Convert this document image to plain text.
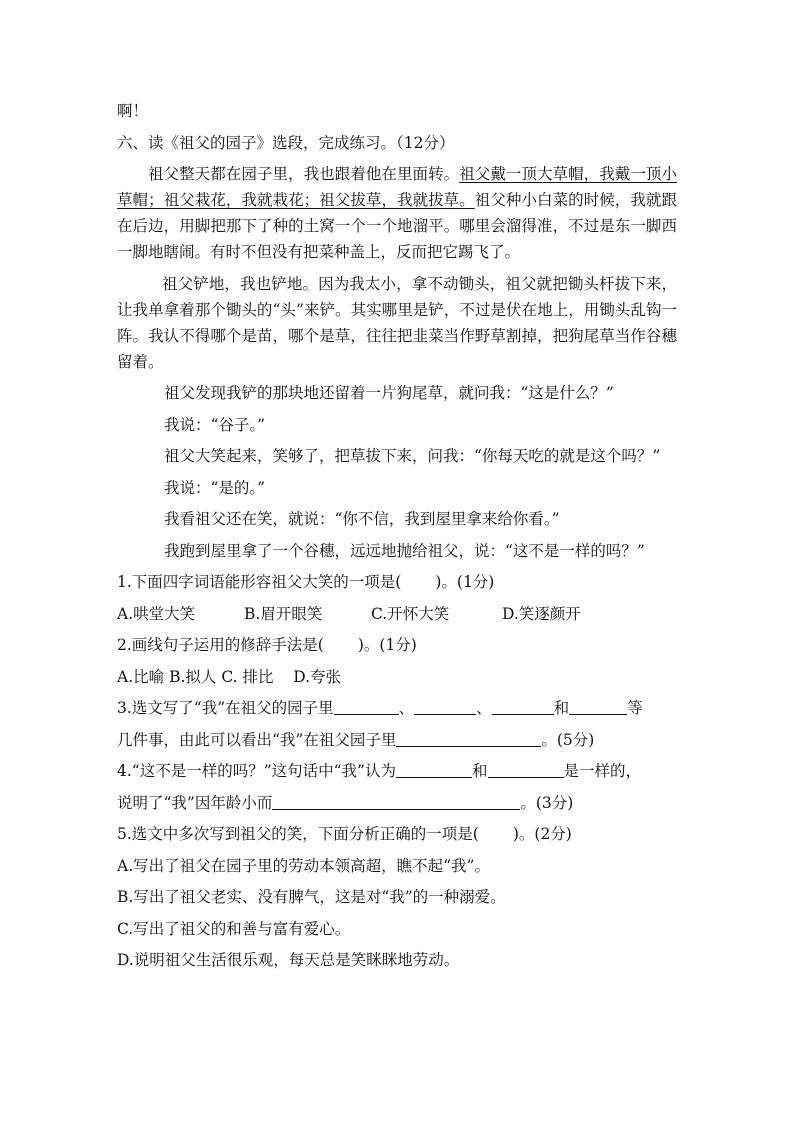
啊！
六、读《祖父的园子》选段，完成练习。（12分）
祖父整天都在园子里，我也跟着他在里面转。祖父戴一顶大草帽，我戴一顶小草帽；祖父栽花，我就栽花；祖父拔草，我就拔草。祖父种小白菜的时候，我就跟在后边，用脚把那下了种的土窝一个一个地溜平。哪里会溜得准，不过是东一脚西一脚地瞎闹。有时不但没有把菜种盖上，反而把它踢飞了。
祖父铲地，我也铲地。因为我太小，拿不动锄头，祖父就把锄头杆拔下来，让我单拿着那个锄头的“头”来铲。其实哪里是铲，不过是伏在地上，用锄头乱钩一阵。我认不得哪个是苗，哪个是草，往往把韭菜当作野草割掉，把狗尾草当作谷穗留着。
祖父发现我铲的那块地还留着一片狗尾草，就问我：“这是什么？”
我说：“谷子。”
祖父大笑起来，笑够了，把草拔下来，问我：“你每天吃的就是这个吗？”
我说：“是的。”
我看祖父还在笑，就说：“你不信，我到屋里拿来给你看。”
我跑到屋里拿了一个谷穗，远远地抛给祖父，说：“这不是一样的吗？”
1.下面四字词语能形容祖父大笑的一项是( )。(1分)
A.哄堂大笑	B.眉开眼笑	C.开怀大笑	D.笑逐颜开
2.画线句子运用的修辞手法是( )。(1分)
A.比喻 B.拟人 C. 排比 D.夸张
3.选文写了“我”在祖父的园子里	、	、	和	等
几件事，由此可以看出“我”在祖父园子里	。(5分)
4.“这不是一样的吗？”这句话中“我”认为	和	是一样的，
说明了“我”因年龄小而	。(3分)
5.选文中多次写到祖父的笑，下面分析正确的一项是( )。(2分)
A.写出了祖父在园子里的劳动本领高超，瞧不起“我”。
B.写出了祖父老实、没有脾气，这是对“我”的一种溺爱。
C.写出了祖父的和善与富有爱心。
D.说明祖父生活很乐观，每天总是笑眯眯地劳动。
